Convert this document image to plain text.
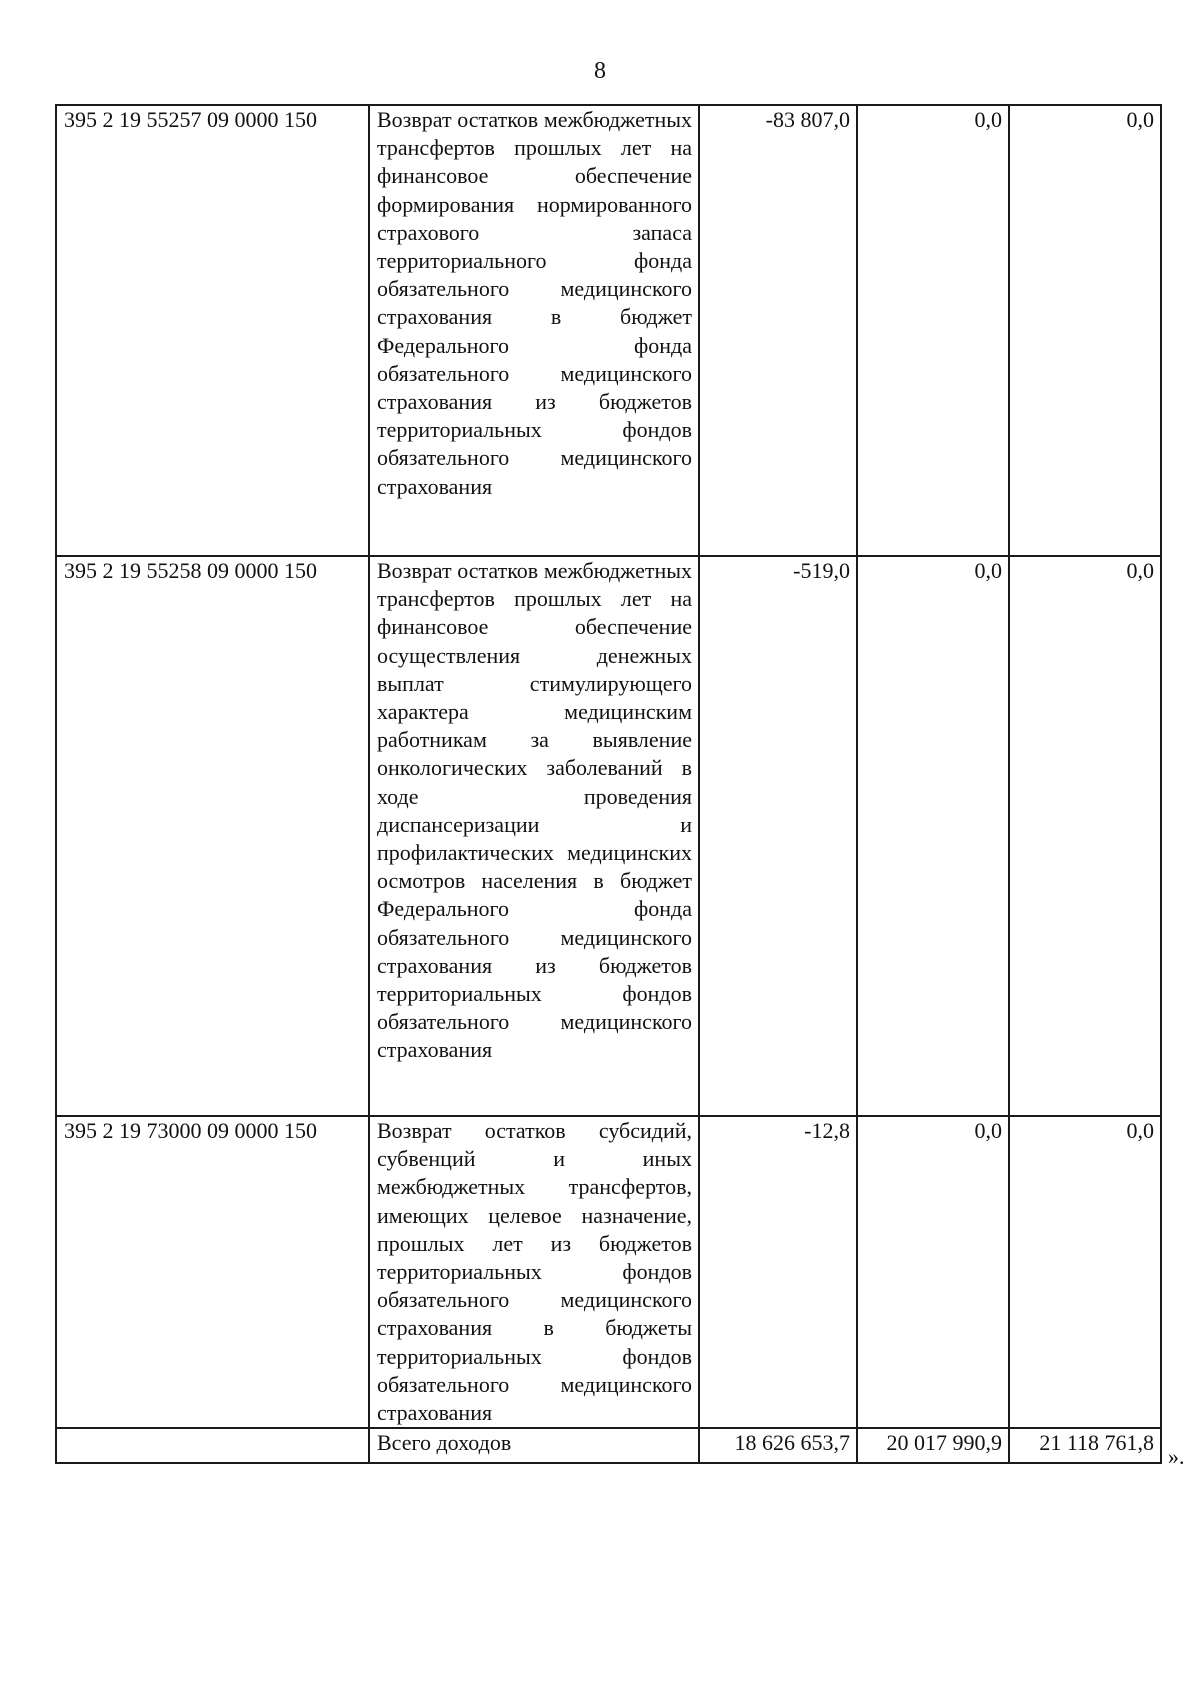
8
395 2 19 55257 09 0000 150	Возврат остатков межбюджетных трансфертов прошлых лет на финансовое обеспечение формирования нормированного страхового запаса территориального фонда обязательного медицинского страхования в бюджет Федерального фонда обязательного медицинского страхования из бюджетов территориальных фондов обязательного медицинского страхования	-83 807,0	0,0	0,0
395 2 19 55258 09 0000 150	Возврат остатков межбюджетных трансфертов прошлых лет на финансовое обеспечение осуществления денежных выплат стимулирующего характера медицинским работникам за выявление онкологических заболеваний в ходе проведения диспансеризации и профилактических медицинских осмотров населения в бюджет Федерального фонда обязательного медицинского страхования из бюджетов территориальных фондов обязательного медицинского страхования	-519,0	0,0	0,0
395 2 19 73000 09 0000 150	Возврат остатков субсидий, субвенций и иных межбюджетных трансфертов, имеющих целевое назначение, прошлых лет из бюджетов территориальных фондов обязательного медицинского страхования в бюджеты территориальных фондов обязательного медицинского страхования	-12,8	0,0	0,0
	Всего доходов	18 626 653,7	20 017 990,9	21 118 761,8
».
